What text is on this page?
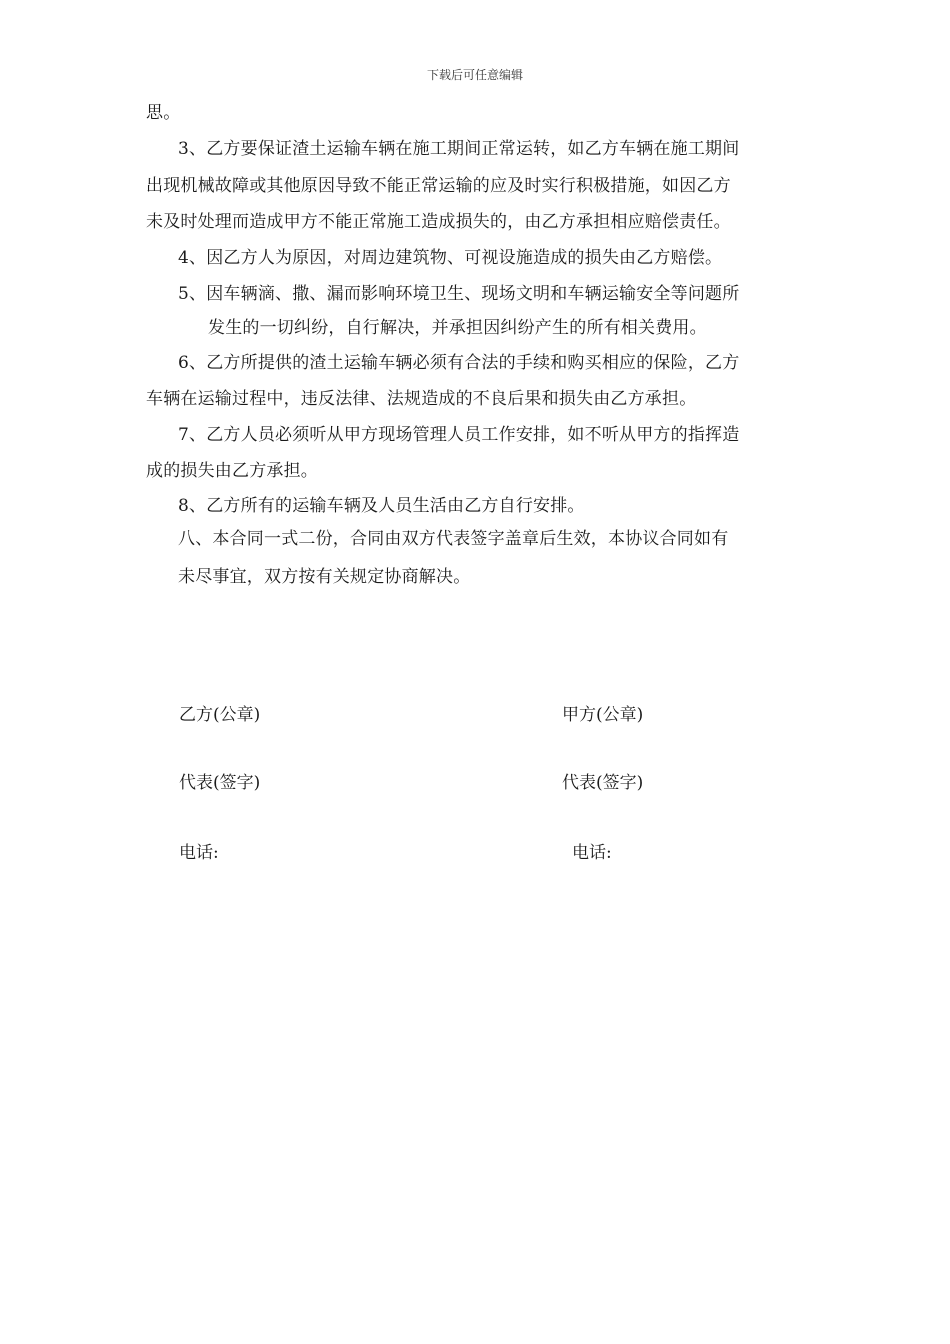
下载后可任意编辑
思。
3、乙方要保证渣土运输车辆在施工期间正常运转，如乙方车辆在施工期间
出现机械故障或其他原因导致不能正常运输的应及时实行积极措施，如因乙方
未及时处理而造成甲方不能正常施工造成损失的，由乙方承担相应赔偿责任。
4、因乙方人为原因，对周边建筑物、可视设施造成的损失由乙方赔偿。
5、因车辆滴、撒、漏而影响环境卫生、现场文明和车辆运输安全等问题所
发生的一切纠纷，自行解决，并承担因纠纷产生的所有相关费用。
6、乙方所提供的渣土运输车辆必须有合法的手续和购买相应的保险，乙方
车辆在运输过程中，违反法律、法规造成的不良后果和损失由乙方承担。
7、乙方人员必须听从甲方现场管理人员工作安排，如不听从甲方的指挥造
成的损失由乙方承担。
8、乙方所有的运输车辆及人员生活由乙方自行安排。
八、本合同一式二份，合同由双方代表签字盖章后生效，本协议合同如有
未尽事宜，双方按有关规定协商解决。
乙方(公章)	甲方(公章)
代表(签字)	代表(签字)
电话:	电话:
